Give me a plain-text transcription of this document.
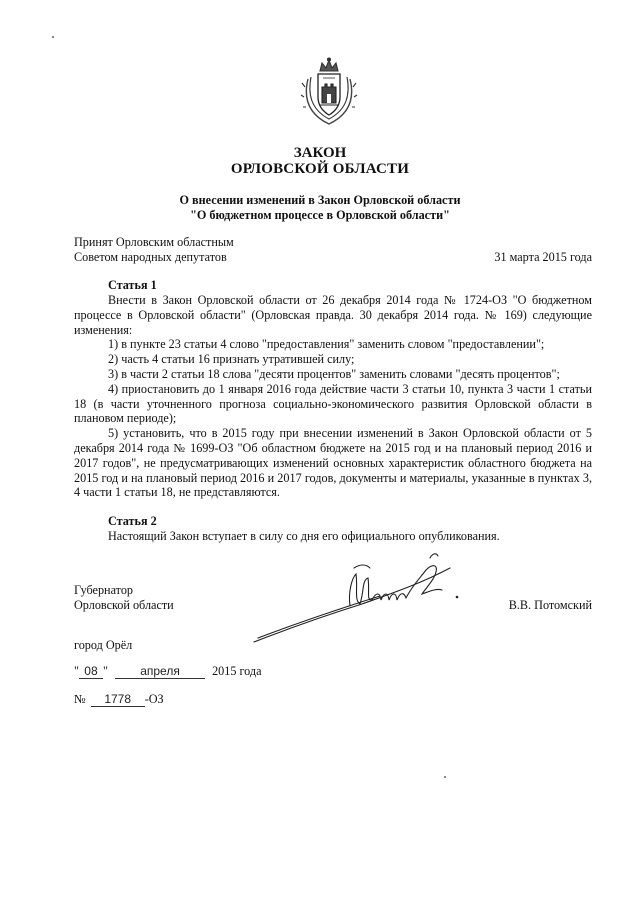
ЗАКОН
ОРЛОВСКОЙ ОБЛАСТИ
О внесении изменений в Закон Орловской области
"О бюджетном процессе в Орловской области"
Принят Орловским областным
Советом народных депутатов	31 марта 2015 года
Статья 1

Внести в Закон Орловской области от 26 декабря 2014 года № 1724-ОЗ "О бюджетном процессе в Орловской области" (Орловская правда. 30 декабря 2014 года. № 169) следующие изменения:

1) в пункте 23 статьи 4 слово "предоставления" заменить словом "предоставлении";

2) часть 4 статьи 16 признать утратившей силу;

3) в части 2 статьи 18 слова "десяти процентов" заменить словами "десять процентов";

4) приостановить до 1 января 2016 года действие части 3 статьи 10, пункта 3 части 1 статьи 18 (в части уточненного прогноза социально-экономического развития Орловской области в плановом периоде);

5) установить, что в 2015 году при внесении изменений в Закон Орловской области от 5 декабря 2014 года № 1699-ОЗ "Об областном бюджете на 2015 год и на плановый период 2016 и 2017 годов", не предусматривающих изменений основных характеристик областного бюджета на 2015 год и на плановый период 2016 и 2017 годов, документы и материалы, указанные в пунктах 3, 4 части 1 статьи 18, не представляются.

Статья 2

Настоящий Закон вступает в силу со дня его официального опубликования.

Губернатор
Орловской области	В.В. Потомский
город Орёл
" 08 "	апреля	2015 года
№ 1778 -ОЗ
